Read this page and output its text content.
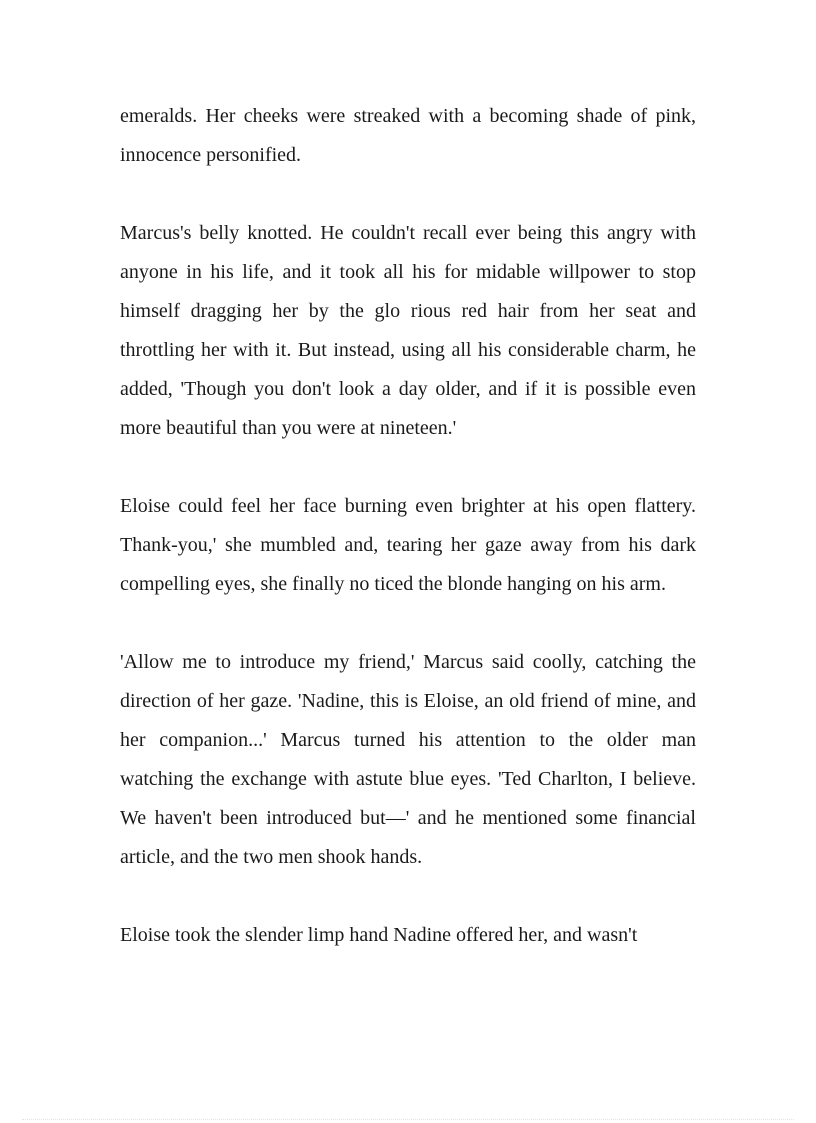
emeralds. Her cheeks were streaked with a becoming shade of pink, innocence personified.

Marcus's belly knotted. He couldn't recall ever being this angry with anyone in his life, and it took all his for midable willpower to stop himself dragging her by the glo rious red hair from her seat and throttling her with it. But instead, using all his considerable charm, he added, 'Though you don't look a day older, and if it is possible even more beautiful than you were at nineteen.'

Eloise could feel her face burning even brighter at his open flattery. Thank-you,' she mumbled and, tearing her gaze away from his dark compelling eyes, she finally no ticed the blonde hanging on his arm.

'Allow me to introduce my friend,' Marcus said coolly, catching the direction of her gaze. 'Nadine, this is Eloise, an old friend of mine, and her companion...' Marcus turned his attention to the older man watching the exchange with astute blue eyes. 'Ted Charlton, I believe. We haven't been introduced but—' and he mentioned some financial article, and the two men shook hands.

Eloise took the slender limp hand Nadine offered her, and wasn't
